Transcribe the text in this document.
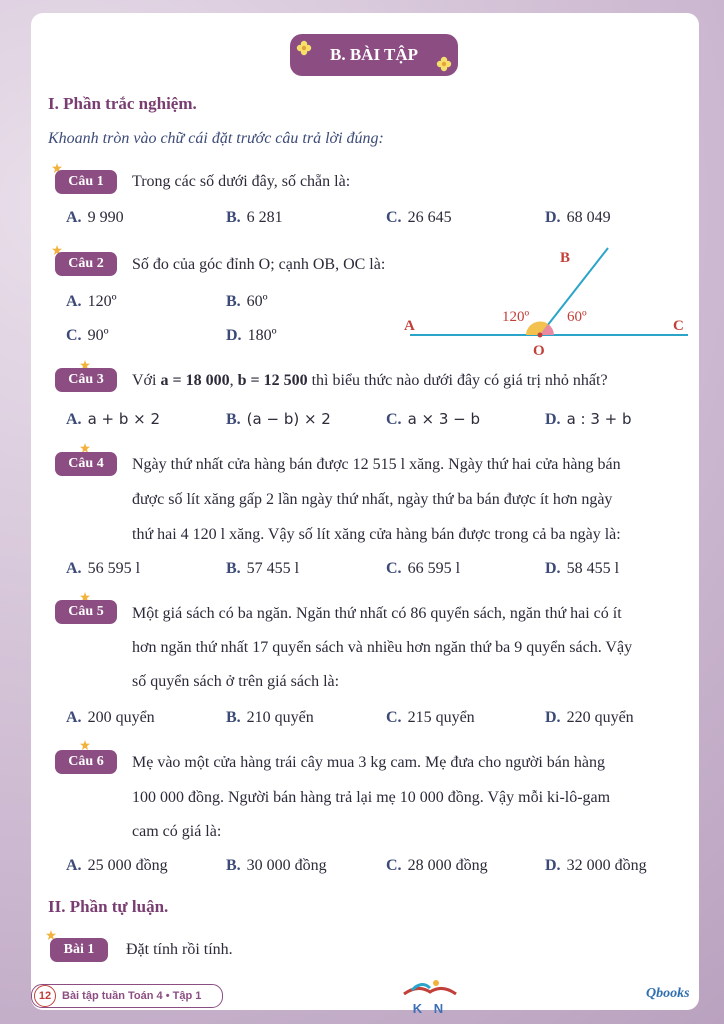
B. BÀI TẬP
I. Phần trắc nghiệm.
Khoanh tròn vào chữ cái đặt trước câu trả lời đúng:
Câu 1 Trong các số dưới đây, số chẵn là:
A. 9 990	B. 6 281	C. 26 645	D. 68 049
Câu 2 Số đo của góc đỉnh O; cạnh OB, OC là:
A. 120º	B. 60º
C. 90º	D. 180º
A
B
C
O
120º	60º
Câu 3 Với a = 18 000, b = 12 500 thì biểu thức nào dưới đây có giá trị nhỏ nhất?
A. a + b × 2	B. (a − b) × 2	C. a × 3 − b	D. a : 3 + b
Câu 4 Ngày thứ nhất cửa hàng bán được 12 515 l xăng. Ngày thứ hai cửa hàng bán
được số lít xăng gấp 2 lần ngày thứ nhất, ngày thứ ba bán được ít hơn ngày
thứ hai 4 120 l xăng. Vậy số lít xăng cửa hàng bán được trong cả ba ngày là:
A. 56 595 l	B. 57 455 l	C. 66 595 l	D. 58 455 l
Câu 5 Một giá sách có ba ngăn. Ngăn thứ nhất có 86 quyển sách, ngăn thứ hai có ít
hơn ngăn thứ nhất 17 quyển sách và nhiều hơn ngăn thứ ba 9 quyển sách. Vậy
số quyển sách ở trên giá sách là:
A. 200 quyển	B. 210 quyển	C. 215 quyển	D. 220 quyển
Câu 6 Mẹ vào một cửa hàng trái cây mua 3 kg cam. Mẹ đưa cho người bán hàng
100 000 đồng. Người bán hàng trả lại mẹ 10 000 đồng. Vậy mỗi ki-lô-gam
cam có giá là:
A. 25 000 đồng	B. 30 000 đồng	C. 28 000 đồng	D. 32 000 đồng
II. Phần tự luận.
Bài 1 Đặt tính rồi tính.
12 Bài tập tuần Toán 4 • Tập 1
K N
Qbooks
